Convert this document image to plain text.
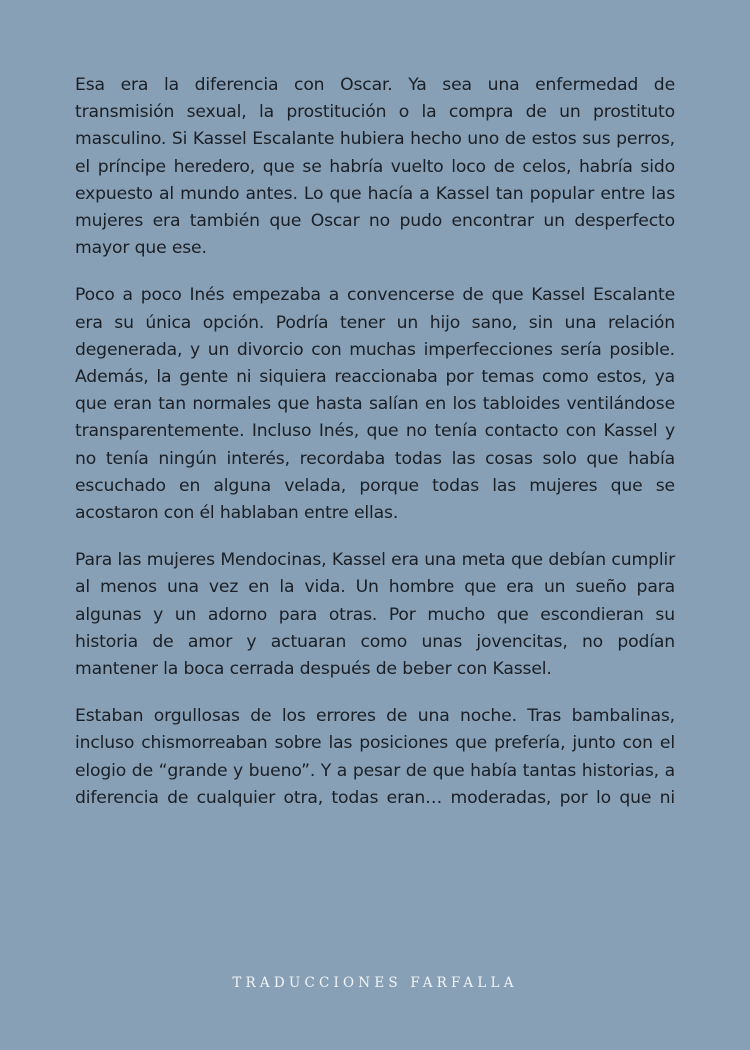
Esa era la diferencia con Oscar. Ya sea una enfermedad de transmisión sexual, la prostitución o la compra de un prostituto masculino. Si Kassel Escalante hubiera hecho uno de estos sus perros, el príncipe heredero, que se habría vuelto loco de celos, habría sido expuesto al mundo antes. Lo que hacía a Kassel tan popular entre las mujeres era también que Oscar no pudo encontrar un desperfecto mayor que ese.

Poco a poco Inés empezaba a convencerse de que Kassel Escalante era su única opción. Podría tener un hijo sano, sin una relación degenerada, y un divorcio con muchas imperfecciones sería posible. Además, la gente ni siquiera reaccionaba por temas como estos, ya que eran tan normales que hasta salían en los tabloides ventilándose transparentemente. Incluso Inés, que no tenía contacto con Kassel y no tenía ningún interés, recordaba todas las cosas solo que había escuchado en alguna velada, porque todas las mujeres que se acostaron con él hablaban entre ellas.

Para las mujeres Mendocinas, Kassel era una meta que debían cumplir al menos una vez en la vida. Un hombre que era un sueño para algunas y un adorno para otras. Por mucho que escondieran su historia de amor y actuaran como unas jovencitas, no podían mantener la boca cerrada después de beber con Kassel.

Estaban orgullosas de los errores de una noche. Tras bambalinas, incluso chismorreaban sobre las posiciones que prefería, junto con el elogio de “grande y bueno”. Y a pesar de que había tantas historias, a diferencia de cualquier otra, todas eran… moderadas, por lo que ni

TRADUCCIONES FARFALLA
